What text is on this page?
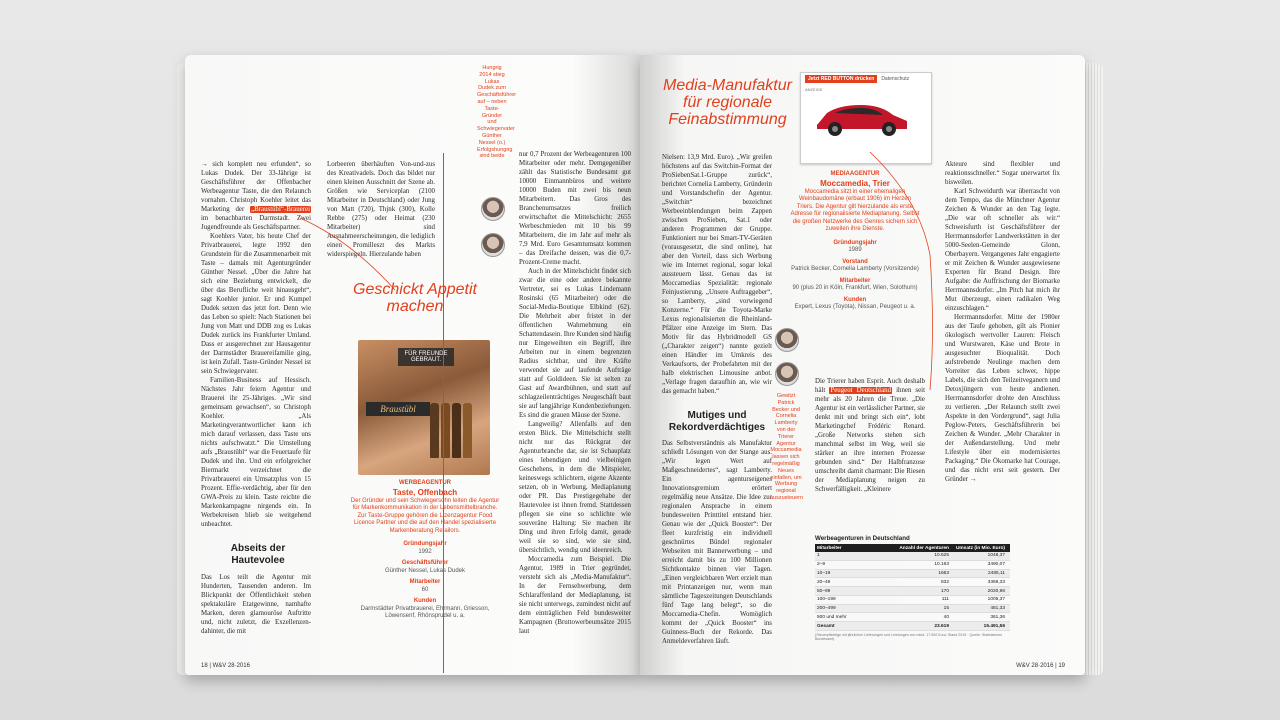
→ sich komplett neu erfunden“, so Lukas Dudek. Der 33-Jährige ist Geschäftsführer der Offenbacher Werbeagentur Taste, die den Relaunch vornahm. Christoph Koehler leitet das Marketing der „Braustübl“-Brauerei im benachbarten Darmstadt. Zwei Jugendfreunde als Geschäftspartner.

Koehlers Vater, bis heute Chef der Privatbrauerei, legte 1992 den Grundstein für die Zusammenarbeit mit Taste – damals mit Agenturgründer Günther Nessel. „Über die Jahre hat sich eine Beziehung entwickelt, die über das Berufliche weit hinausgeht“, sagt Koehler junior. Er und Kumpel Dudek setzen das jetzt fort. Denn wie das Leben so spielt: Nach Stationen bei Jung von Matt und DDB zog es Lukas Dudek zurück ins Frankfurter Umland. Dass er ausgerechnet zur Hausagentur der Darmstädter Brauereifamilie ging, ist kein Zufall. Taste-Gründer Nessel ist sein Schwiegervater.

Familien-Business auf Hessisch. Nächstes Jahr feiern Agentur und Brauerei ihr 25-Jähriges. „Wir sind gemeinsam gewachsen“, so Christoph Koehler. „Als Marketingverantwortlicher kann ich mich darauf verlassen, dass Taste uns nichts aufschwatzt.“ Die Umstellung aufs „Braustübl“ war die Feuertaufe für Dudek und ihn. Und ein erfolgreicher Biermarkt verzeichnet die Privatbrauerei ein Umsatzplus von 15 Prozent. Effie-verdächtig, aber für den GWA-Preis zu klein. Taste reichte die Markenkampagne nirgends ein. In Werbekreisen blieb sie weitgehend unbeachtet.

Abseits der Hautevolee

Das Los teilt die Agentur mit Hunderten, Tausenden anderen. Im Blickpunkt der Öffentlichkeit stehen spektakuläre Etatgewinne, namhafte Marken, deren glamouröse Auftritte und, nicht zuletzt, die Exzellenzen-dahinter, die mit

Lorbeeren überhäuften Von-und-zus des Kreativadels. Doch das bildet nur einen kleinen Ausschnitt der Szene ab. Größen wie Serviceplan (2100 Mitarbeiter in Deutschland) oder Jung von Matt (720), Thjnk (300), Kolle Rebbe (275) oder Heimat (230 Mitarbeiter) sind Ausnahmeerscheinungen, die lediglich einen Promilleszt des Markts widerspiegeln. Hierzulande haben

Geschickt Appetit machen
FÜR FREUNDE GEBRAUT.
Braustübl
WERBEAGENTUR
Taste, Offenbach
Der Gründer und sein Schwiegersohn leiten die Agentur für Markenkommunikation in der Lebensmittelbranche. Zur Taste-Gruppe gehören die Lizenzagentur Food Licence Partner und die auf den Handel spezialisierte Markenberatung Retailors.
Gründungsjahr
1992
Geschäftsführer
Günther Nessel, Lukas Dudek
Mitarbeiter
60
Kunden
Darmstädter Privatbrauerei, Ehrmann, Griesson, Löwensenf, Rhönsprudel u. a.
Hungrig 2014 stieg Lukas Dudek zum Geschäftsführer auf – neben Taste-Gründer und Schwiegervater Günther Nessel (o.) Erfolgshungrig sind beide	nur 0,7 Prozent der Werbeagenturen 100 Mitarbeiter oder mehr. Demgegenüber zählt das Statistische Bundesamt gut 10000 Einmannbüros und weitere 10000 Buden mit zwei bis neun Mitarbeitern. Das Gros des Branchenumsatzes freilich erwirtschaftet die Mittelschicht: 2655 Werbeschmieden mit 10 bis 99 Mitarbeitern, die im Jahr auf mehr als 7,9 Mrd. Euro Gesamtumsatz kommen – das Dreifache dessen, was die 0,7-Prozent-Creme macht.

Auch in der Mittelschicht findet sich zwar die eine oder andere bekannte Vertreter, sei es Lukas Lindemann Rosinski (65 Mitarbeiter) oder die Social-Media-Boutique Elbkind (62). Die Mehrheit aber fristet in der öffentlichen Wahrnehmung ein Schattendasein. Ihre Kunden sind häufig nur Eingeweihten ein Begriff, ihre Arbeiten nur in einem begrenzten Radius sichtbar, und ihre Kräfte verwendet sie auf laufende Aufträge statt auf Goldideen. Sie ist selten zu Gast auf Awardbühnen, und statt auf schlagzeilenträchtiges Neugeschäft baut sie auf langjährige Kundenbeziehungen. Es sind die grauen Mäuse der Szene.

Langweilig? Allenfalls auf den ersten Blick. Die Mittelschicht stellt nicht nur das Rückgrat der Agenturbranche dar, sie ist Schauplatz eines lebendigen und vielbeinigen Geschehens, in dem die Mitspieler, keineswegs schlichtern, eigene Akzente setzen, ob in Werbung, Mediaplanung oder PR. Das Prestigegehabe der Hautevolee ist ihnen fremd. Stattdessen pflegen sie eine so schlichte wie souveräne Haltung: Sie machen ihr Ding und ihren Erfolg damit, gerade weil sie so sind, wie sie sind, übersichtlich, wendig und ideenreich.

Moccamedia zum Beispiel. Die Agentur, 1989 in Trier gegründet, versteht sich als „Media-Manufaktur“. In der Fernsehwerbung, dem Schlaraffenland der Mediaplanung, ist sie nicht unterwegs, zumindest nicht auf dem einträglichen Feld bundesweiter Kampagnen (Bruttowerbeumsätze 2015 laut

18 | W&V 28·2016
Media-Manufaktur für regionale Feinabstimmung

Nielsen: 13,9 Mrd. Euro). „Wir greifen höchstens auf das Switchin-Format der ProSiebenSat.1-Gruppe zurück“, berichtet Cornelia Lamberty, Gründerin und Vorstandschefin der Agentur. „Switchin“ bezeichnet Werbeeinblendungen beim Zappen zwischen ProSieben, Sat.1 oder anderen Programmen der Gruppe. Funktioniert nur bei Smart-TV-Geräten (vorausgesetzt, die sind online), hat aber den Vorteil, dass sich Werbung wie im Internet regional, sogar lokal aussteuern lässt. Genau das ist Moccamedias Spezialität: regionale Feinjustierung. „Unsere Auftraggeber“, so Lamberty, „sind vorwiegend Konzerne.“ Für die Toyota-Marke Lexus regionalisierten die Rheinland-Pfälzer eine Anzeige im Stern. Das Motiv für das Hybridmodell GS („Charakter zeigen“) nannte gezielt einen Händler im Umkreis des Verkaufsorts, der Probefahrten mit der halb elektrischen Limousine anbot. „Verlage fragen daraufhin an, wie wir das gemacht haben.“

Mutiges und Rekordverdächtiges

Das Selbstverständnis als Manufaktur schließt Lösungen von der Stange aus. „Wir legen Wert auf Maßgeschneidertes“, sagt Lamberty. Ein agenturseigenes Innovationsgremium erörtert regelmäßig neue Ansätze. Die Idee zur regionalen Ansprache in einem bundesweiten Printtitel entstand hier. Genau wie der „Quick Booster“: Der fleet kurzfristig ein individuell geschnürtes Bündel regionaler Webseiten mit Bannerwerbung – und erreicht damit bis zu 100 Millionen Sichtkontakte binnen vier Tagen. „Einen vergleichbaren Wert erzielt man mit Printanzeigen nur, wenn man sämtliche Tageszeitungen Deutschlands fünf Tage lang belegt“, so die Moccamedia-Chefin. Womöglich kommt der „Quick Booster“ ins Guinness-Buch der Rekorde. Das Anmeldeverfahren läuft.

MEDIAAGENTUR
Moccamedia, Trier
Moccamedia sitzt in einer ehemaligen Weinbaudomäne (erbaut 1906) im Herzen Triers. Die Agentur gilt hierzulande als erste Adresse für regionalisierte Mediaplanung. Selbst die großen Netzwerke des Genres sichern sich zuweilen ihre Dienste.
Gründungsjahr
1989
Vorstand
Patrick Becker, Cornelia Lamberty (Vorsitzende)
Mitarbeiter
90 (plus 20 in Köln, Frankfurt, Wien, Solothurn)
Kunden
Expert, Lexus (Toyota), Nissan, Peugeot u. a.
Gewitzt Patrick Becker und Cornelia Lamberty von der Trierer Agentur Moccamedia lassen sich regelmäßig Neues einfallen, um Werbung regional auszusteuern

Die Trierer haben Esprit. Auch deshalb hält Peugeot Deutschland ihnen seit mehr als 20 Jahren die Treue. „Die Agentur ist ein verlässlicher Partner, sie denkt mit und bringt sich ein“, lobt Marketingchef Frédéric Renard. „Große Networks stehen sich manchmal selbst im Weg, weil sie stärker an ihre internen Prozesse gebunden sind.“ Der Halbfranzose umschreibt damit charmant: Die Riesen der Mediaplanung neigen zu Schwerfälligkeit. „Kleinere

Akteure sind flexibler und reaktionsschneller.“ Sogar unerwartet fix bisweilen.

Karl Schweidurth war überrascht von dem Tempo, das die Münchner Agentur Zeichen & Wunder an den Tag legte. „Die war oft schneller als wir.“ Schweisfurth ist Geschäftsführer der Herrmannsdorfer Landwerkstätten in der 5000-Seelen-Gemeinde Glonn, Oberbayern. Vergangenes Jahr engagierte er mit Zeichen & Wunder ausgewiesene Experten für Brand Design. Ihre Aufgabe: die Auffrischung der Biomarke Herrmannsdorfer. „Im Pitch hat mich ihr Mut überzeugt, einen radikalen Weg einzuschlagen.“

Herrmannsdorfer. Mitte der 1980er aus der Taufe gehoben, gilt als Pionier ökologisch wertvoller Lauren: Fleisch und Wurstwaren, Käse und Brote in ausgesuchter Bioqualität. Doch aufstrebende Neulinge machen dem Vorreiter das Leben schwer, hippe Labels, die sich den Teilzeitveganern und Detoxjüngern von heute andienen. Herrmannsdorfer drohte den Anschluss zu verlieren. „Der Relaunch stellt zwei Aspekte in den Vordergrund“, sagt Julia Peglow-Peters, Geschäftsführerin bei Zeichen & Wunder. „Mehr Charakter in der Außendarstellung. Und mehr Lifestyle über ein modernisiertes Packaging.“ Die Ökomarke hat Courage, und das nicht erst seit gestern. Der Gründer →

W&V 28·2016 | 19
Jetzt RED BUTTON drücken	Datenschutz
ANZEIGE
Werbeagenturen in Deutschland
Mitarbeiter	Anzahl der Agenturen	Umsatz (in Mio. Euro)
1	10.625	1048,37
2–9	10.163	3490,07
10–19	1663	2485,11
20–49	832	3369,33
50–99	170	2020,96
100–199	111	1005,37
200–499	15	481,33
500 und mehr	40	361,36
Gesamt	23.619	15.491,56
(Steuerpflichtige mit jährlichen Lieferungen und Leistungen von mind. 17.500 Euro; Stand 2015 · Quelle: Statistisches Bundesamt)
